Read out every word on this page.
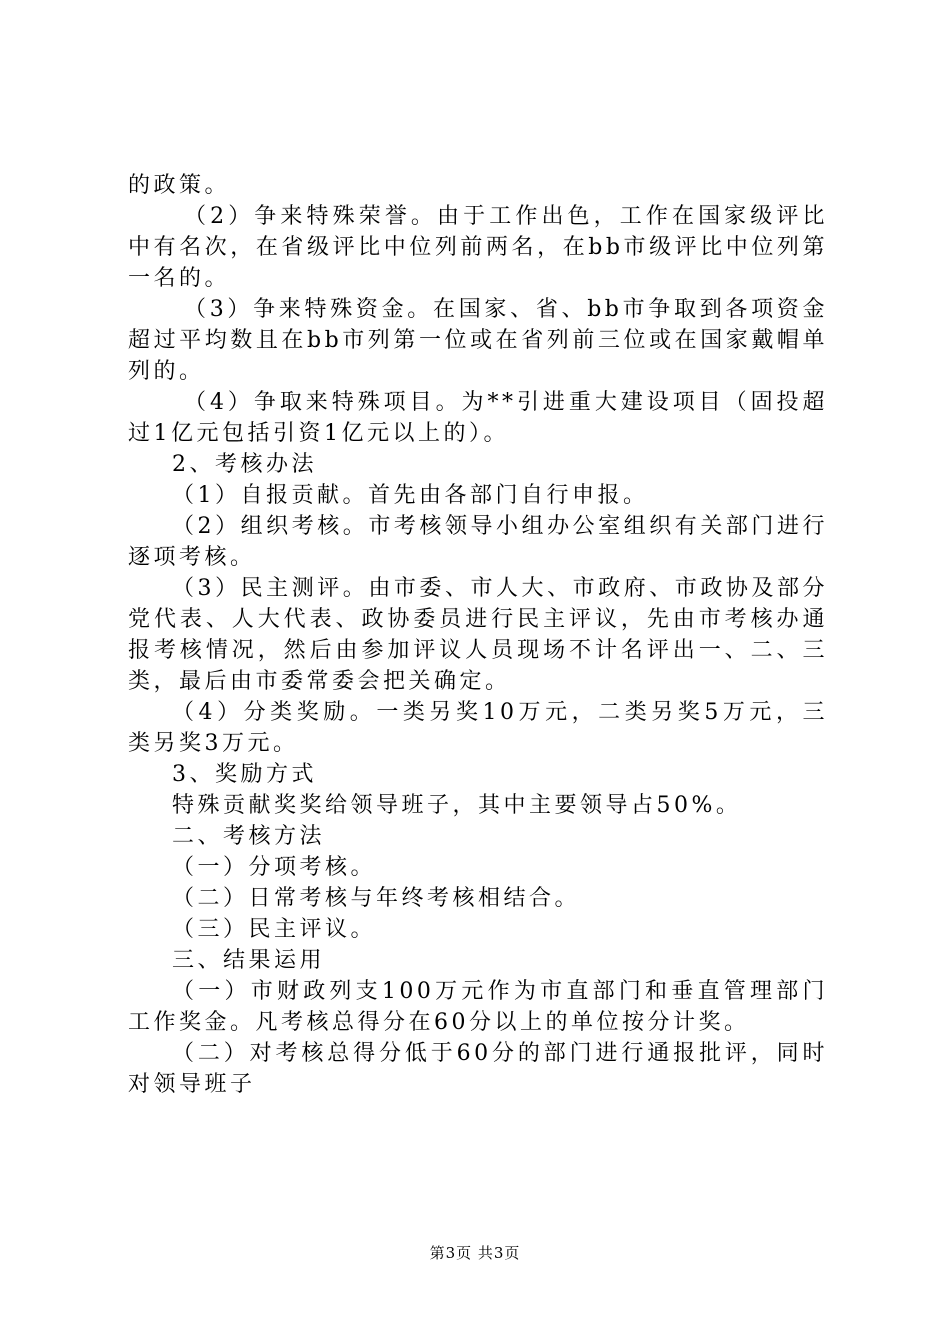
的政策。

（2）争来特殊荣誉。由于工作出色，工作在国家级评比中有名次，在省级评比中位列前两名，在bb市级评比中位列第一名的。

（3）争来特殊资金。在国家、省、bb市争取到各项资金超过平均数且在bb市列第一位或在省列前三位或在国家戴帽单列的。

（4）争取来特殊项目。为**引进重大建设项目（固投超过1亿元包括引资1亿元以上的）。

2、考核办法

（1）自报贡献。首先由各部门自行申报。

（2）组织考核。市考核领导小组办公室组织有关部门进行逐项考核。

（3）民主测评。由市委、市人大、市政府、市政协及部分党代表、人大代表、政协委员进行民主评议，先由市考核办通报考核情况，然后由参加评议人员现场不计名评出一、二、三类，最后由市委常委会把关确定。

（4）分类奖励。一类另奖10万元，二类另奖5万元，三类另奖3万元。

3、奖励方式

特殊贡献奖奖给领导班子，其中主要领导占50%。

二、考核方法

（一）分项考核。

（二）日常考核与年终考核相结合。

（三）民主评议。

三、结果运用

（一）市财政列支100万元作为市直部门和垂直管理部门工作奖金。凡考核总得分在60分以上的单位按分计奖。

（二）对考核总得分低于60分的部门进行通报批评，同时对领导班子

第3页 共3页
